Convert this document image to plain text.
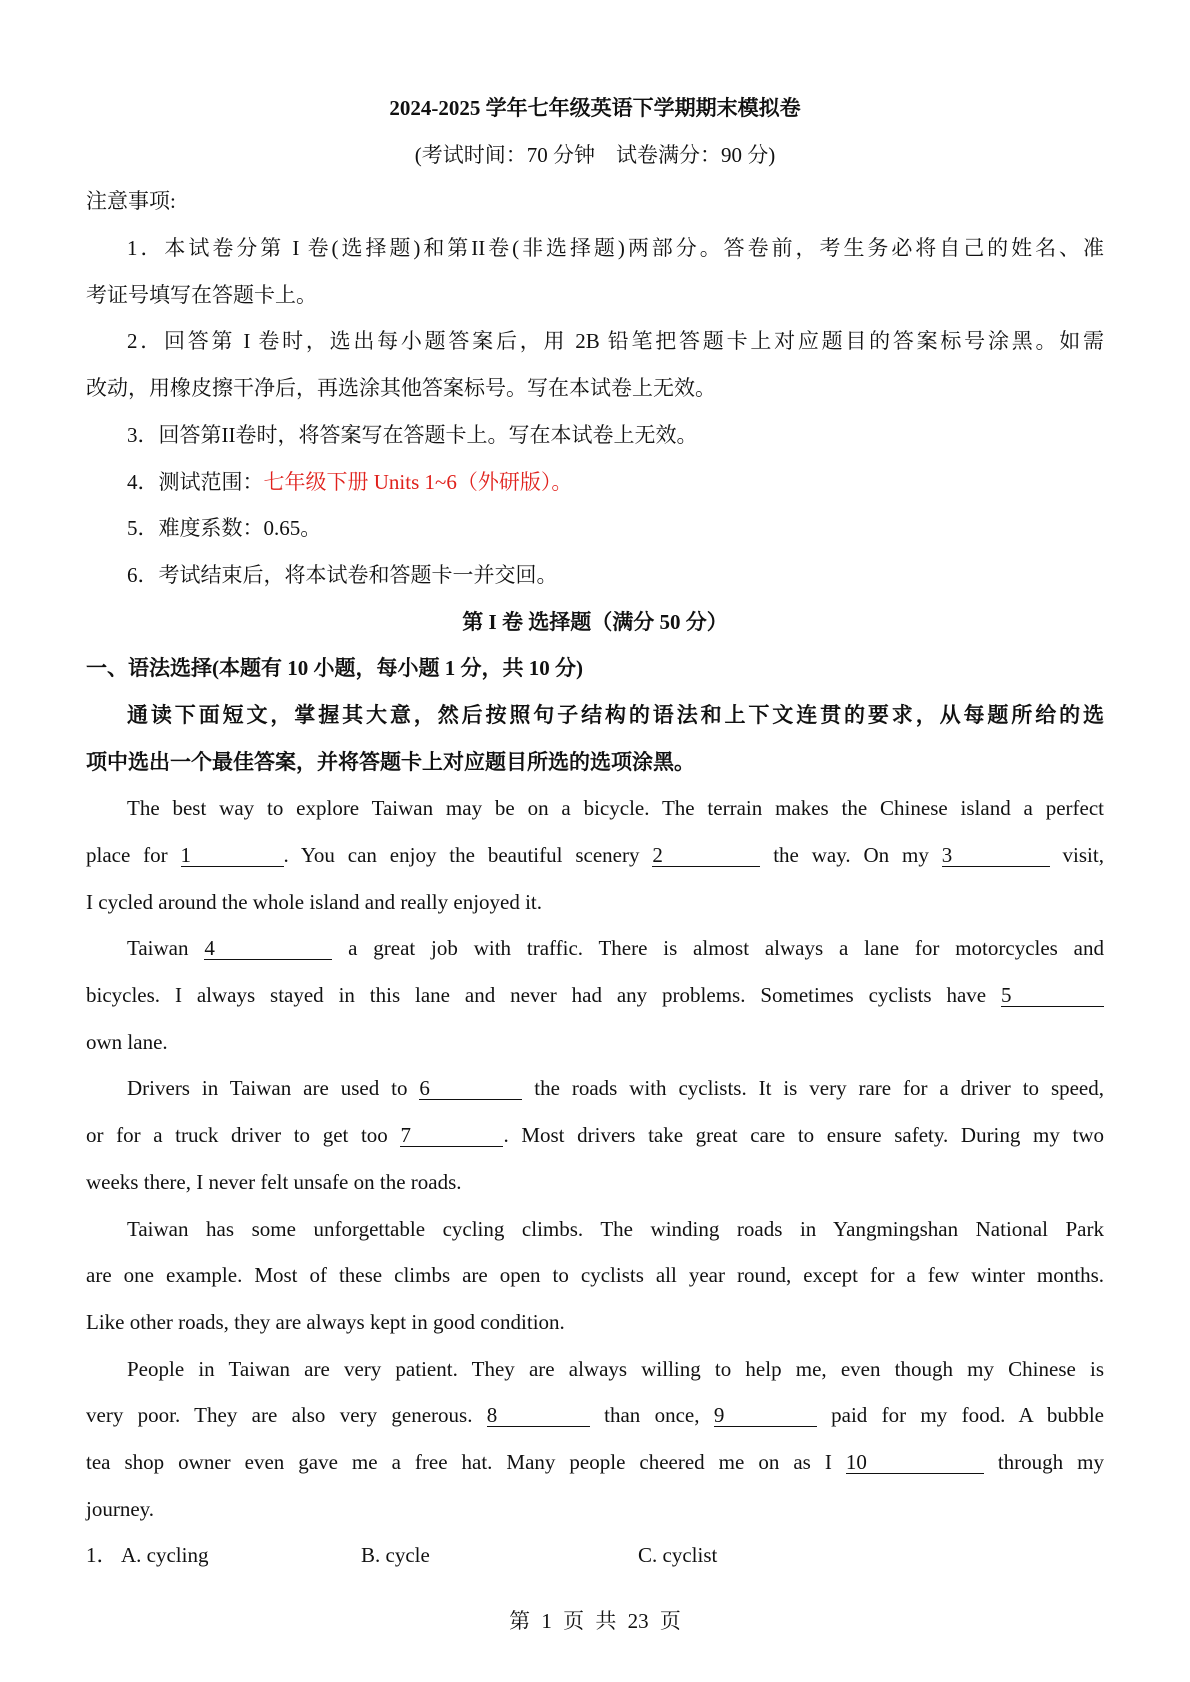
2024-2025 学年七年级英语下学期期末模拟卷
(考试时间：70 分钟　试卷满分：90 分)
注意事项:
1．本试卷分第 I 卷(选择题)和第II卷(非选择题)两部分。答卷前，考生务必将自己的姓名、准
考证号填写在答题卡上。
2．回答第 I 卷时，选出每小题答案后，用 2B 铅笔把答题卡上对应题目的答案标号涂黑。如需
改动，用橡皮擦干净后，再选涂其他答案标号。写在本试卷上无效。
3．回答第II卷时，将答案写在答题卡上。写在本试卷上无效。
4．测试范围：七年级下册 Units 1~6（外研版）。
5．难度系数：0.65。
6．考试结束后，将本试卷和答题卡一并交回。
第 I 卷 选择题（满分 50 分）
一、语法选择(本题有 10 小题，每小题 1 分，共 10 分)
通读下面短文，掌握其大意，然后按照句子结构的语法和上下文连贯的要求，从每题所给的选
项中选出一个最佳答案，并将答题卡上对应题目所选的选项涂黑。
The best way to explore Taiwan may be on a bicycle. The terrain makes the Chinese island a perfect
place for 1	. You can enjoy the beautiful scenery 2	the way. On my 3	visit,
I cycled around the whole island and really enjoyed it.
Taiwan 4	a great job with traffic. There is almost always a lane for motorcycles and
bicycles. I always stayed in this lane and never had any problems. Sometimes cyclists have 5
own lane.
Drivers in Taiwan are used to 6	the roads with cyclists. It is very rare for a driver to speed,
or for a truck driver to get too 7	. Most drivers take great care to ensure safety. During my two
weeks there, I never felt unsafe on the roads.
Taiwan has some unforgettable cycling climbs. The winding roads in Yangmingshan National Park
are one example. Most of these climbs are open to cyclists all year round, except for a few winter months.
Like other roads, they are always kept in good condition.
People in Taiwan are very patient. They are always willing to help me, even though my Chinese is
very poor. They are also very generous. 8	than once, 9	paid for my food. A bubble
tea shop owner even gave me a free hat. Many people cheered me on as I 10	through my
journey.
1． A. cycling	B. cycle	C. cyclist
第 1 页 共 23 页
